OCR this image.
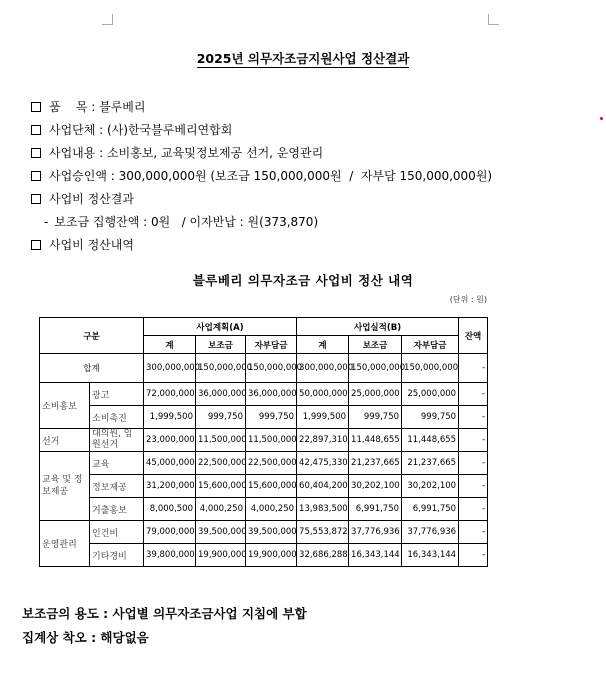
2025년 의무자조금지원사업 정산결과
품    목 : 블루베리
사업단체 : (사)한국블루베리연합회
사업내용 : 소비홍보, 교육및정보제공 선거, 운영관리
사업승인액 : 300,000,000원 (보조금 150,000,000원  /  자부담 150,000,000원)
사업비 정산결과
- 보조금 집행잔액 : 0원   / 이자반납 : 원(373,870)
사업비 정산내역
블루베리 의무자조금 사업비 정산 내역
(단위 : 원)
구분		사업계획(A)			사업실적(B)			잔액
		계	보조금	자부담금	계	보조금	자부담금	
합계		300,000,000	150,000,000	150,000,000	300,000,000	150,000,000	150,000,000	-
소비홍보	광고	72,000,000	36,000,000	36,000,000	50,000,000	25,000,000	25,000,000	-
	소비촉진	1,999,500	999,750	999,750	1,999,500	999,750	999,750	-
선거	대의원, 임원선거	23,000,000	11,500,000	11,500,000	22,897,310	11,448,655	11,448,655	-
교육 및 정보제공	교육	45,000,000	22,500,000	22,500,000	42,475,330	21,237,665	21,237,665	-
	정보제공	31,200,000	15,600,000	15,600,000	60,404,200	30,202,100	30,202,100	-
	거출홍보	8,000,500	4,000,250	4,000,250	13,983,500	6,991,750	6,991,750	-
운영관리	인건비	79,000,000	39,500,000	39,500,000	75,553,872	37,776,936	37,776,936	-
	기타경비	39,800,000	19,900,000	19,900,000	32,686,288	16,343,144	16,343,144	-
보조금의 용도 : 사업별 의무자조금사업 지침에 부합
집계상 착오 : 해당없음
